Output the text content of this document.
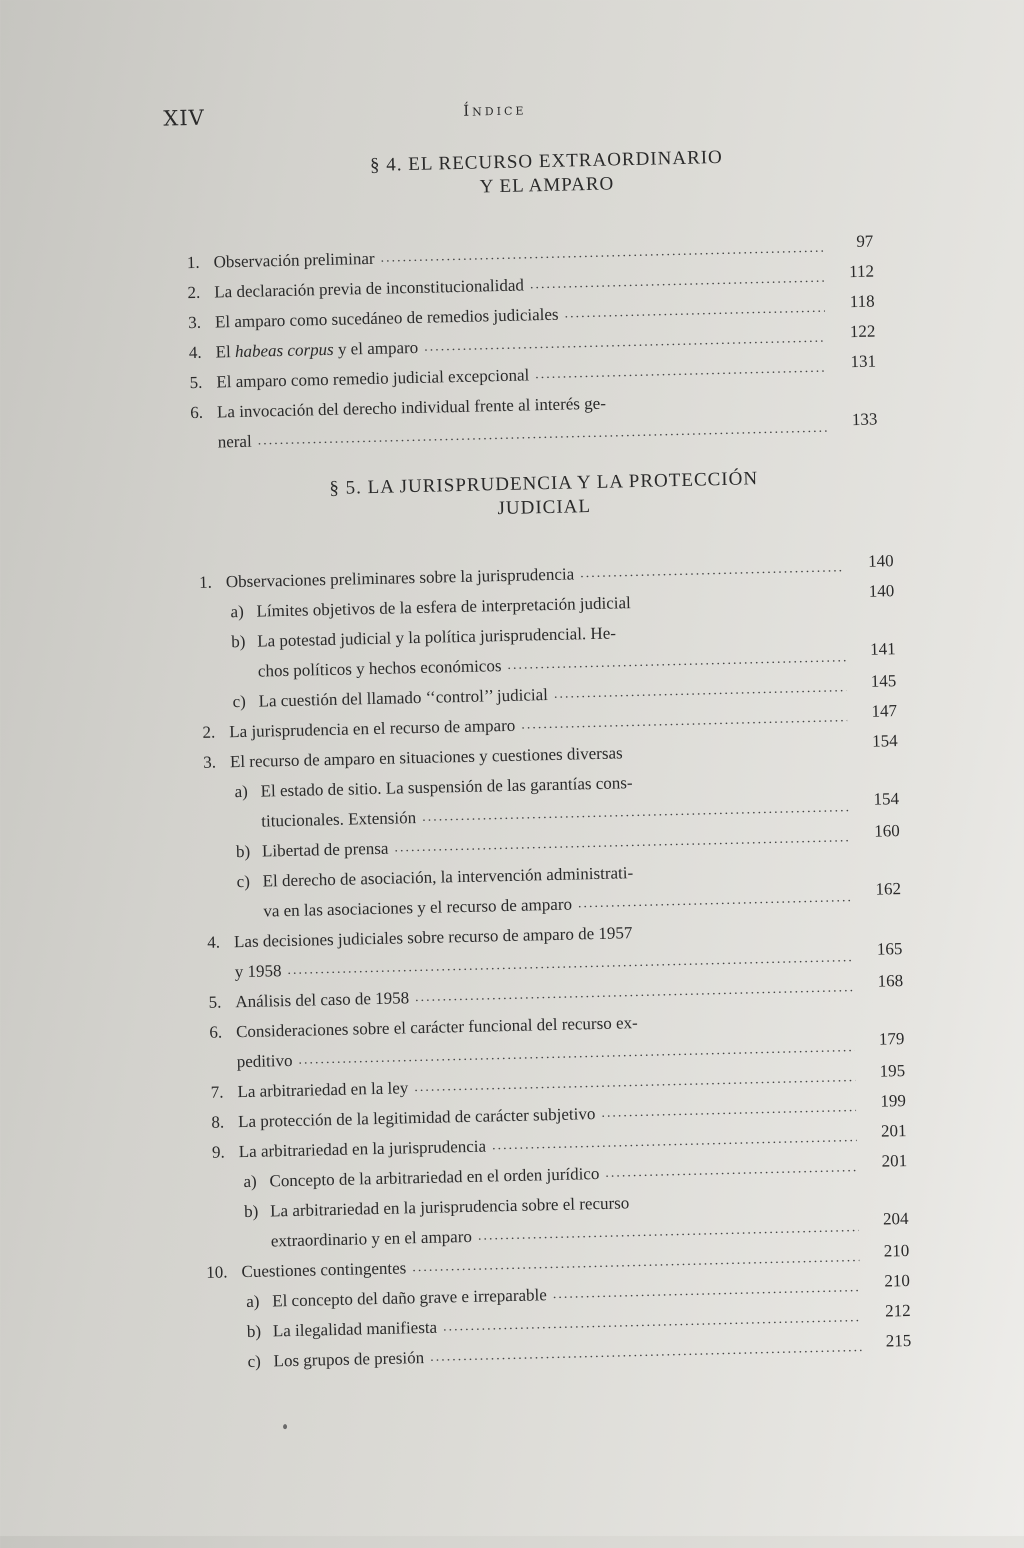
XIV	Índice
§ 4. EL RECURSO EXTRAORDINARIO
Y EL AMPARO
1. Observación preliminar
.....
97
2. La declaración previa de inconstitucionalidad
.....
112
3. El amparo como sucedáneo de remedios judiciales
.....
118
4. El habeas corpus y el amparo
.....
122
5. El amparo como remedio judicial excepcional
.....
131
6. La invocación del derecho individual frente al interés ge-
neral
.....
133
§ 5. LA JURISPRUDENCIA Y LA PROTECCIÓN
JUDICIAL
1. Observaciones preliminares sobre la jurisprudencia
.....
140
a) Límites objetivos de la esfera de interpretación judicial
140
b) La potestad judicial y la política jurisprudencial. He-
chos políticos y hechos económicos
.....
141
c) La cuestión del llamado ‘‘control’’ judicial
.....
145
2. La jurisprudencia en el recurso de amparo
.....
147
3. El recurso de amparo en situaciones y cuestiones diversas
154
a) El estado de sitio. La suspensión de las garantías cons-
titucionales. Extensión
.....
154
b) Libertad de prensa
.....
160
c) El derecho de asociación, la intervención administrati-
va en las asociaciones y el recurso de amparo
.....
162
4. Las decisiones judiciales sobre recurso de amparo de 1957
y 1958
.....
165
5. Análisis del caso de 1958
.....
168
6. Consideraciones sobre el carácter funcional del recurso ex-
peditivo
.....
179
7. La arbitrariedad en la ley
.....
195
8. La protección de la legitimidad de carácter subjetivo
.....
199
9. La arbitrariedad en la jurisprudencia
.....
201
a) Concepto de la arbitrariedad en el orden jurídico
.....
201
b) La arbitrariedad en la jurisprudencia sobre el recurso
extraordinario y en el amparo
.....
204
10. Cuestiones contingentes
.....
210
a) El concepto del daño grave e irreparable
.....
210
b) La ilegalidad manifiesta
.....
212
c) Los grupos de presión
.....
215
